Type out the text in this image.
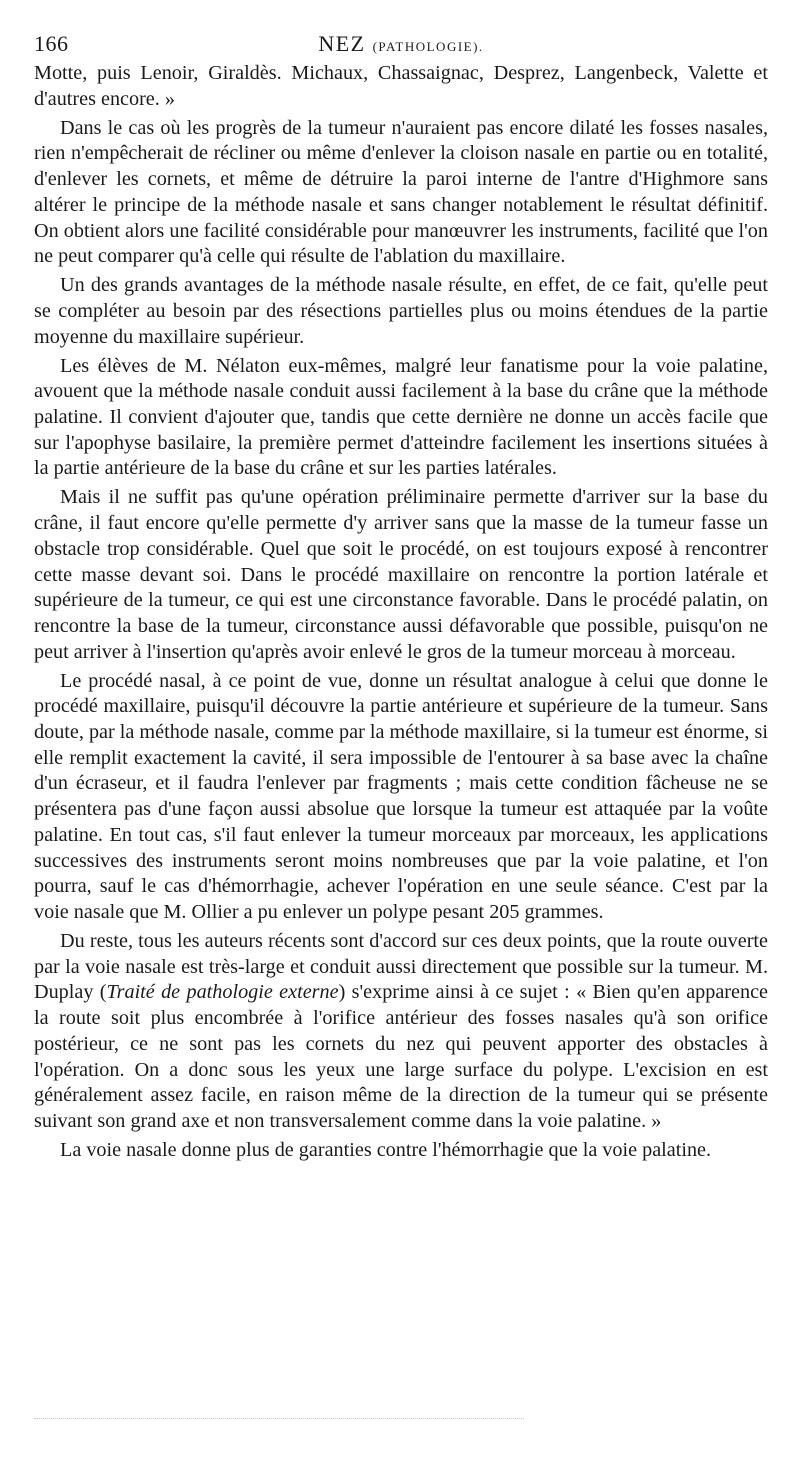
166	NEZ (PATHOLOGIE).

Motte, puis Lenoir, Giraldès. Michaux, Chassaignac, Desprez, Langenbeck, Valette et d'autres encore. »

Dans le cas où les progrès de la tumeur n'auraient pas encore dilaté les fosses nasales, rien n'empêcherait de récliner ou même d'enlever la cloison nasale en partie ou en totalité, d'enlever les cornets, et même de détruire la paroi interne de l'antre d'Highmore sans altérer le principe de la méthode nasale et sans changer notablement le résultat définitif. On obtient alors une facilité considérable pour manœuvrer les instruments, facilité que l'on ne peut comparer qu'à celle qui résulte de l'ablation du maxillaire.

Un des grands avantages de la méthode nasale résulte, en effet, de ce fait, qu'elle peut se compléter au besoin par des résections partielles plus ou moins étendues de la partie moyenne du maxillaire supérieur.

Les élèves de M. Nélaton eux-mêmes, malgré leur fanatisme pour la voie palatine, avouent que la méthode nasale conduit aussi facilement à la base du crâne que la méthode palatine. Il convient d'ajouter que, tandis que cette dernière ne donne un accès facile que sur l'apophyse basilaire, la première permet d'atteindre facilement les insertions situées à la partie antérieure de la base du crâne et sur les parties latérales.

Mais il ne suffit pas qu'une opération préliminaire permette d'arriver sur la base du crâne, il faut encore qu'elle permette d'y arriver sans que la masse de la tumeur fasse un obstacle trop considérable. Quel que soit le procédé, on est toujours exposé à rencontrer cette masse devant soi. Dans le procédé maxillaire on rencontre la portion latérale et supérieure de la tumeur, ce qui est une circonstance favorable. Dans le procédé palatin, on rencontre la base de la tumeur, circonstance aussi défavorable que possible, puisqu'on ne peut arriver à l'insertion qu'après avoir enlevé le gros de la tumeur morceau à morceau.

Le procédé nasal, à ce point de vue, donne un résultat analogue à celui que donne le procédé maxillaire, puisqu'il découvre la partie antérieure et supérieure de la tumeur. Sans doute, par la méthode nasale, comme par la méthode maxillaire, si la tumeur est énorme, si elle remplit exactement la cavité, il sera impossible de l'entourer à sa base avec la chaîne d'un écraseur, et il faudra l'enlever par fragments ; mais cette condition fâcheuse ne se présentera pas d'une façon aussi absolue que lorsque la tumeur est attaquée par la voûte palatine. En tout cas, s'il faut enlever la tumeur morceaux par morceaux, les applications successives des instruments seront moins nombreuses que par la voie palatine, et l'on pourra, sauf le cas d'hémorrhagie, achever l'opération en une seule séance. C'est par la voie nasale que M. Ollier a pu enlever un polype pesant 205 grammes.

Du reste, tous les auteurs récents sont d'accord sur ces deux points, que la route ouverte par la voie nasale est très-large et conduit aussi directement que possible sur la tumeur. M. Duplay (Traité de pathologie externe) s'exprime ainsi à ce sujet : « Bien qu'en apparence la route soit plus encombrée à l'orifice antérieur des fosses nasales qu'à son orifice postérieur, ce ne sont pas les cornets du nez qui peuvent apporter des obstacles à l'opération. On a donc sous les yeux une large surface du polype. L'excision en est généralement assez facile, en raison même de la direction de la tumeur qui se présente suivant son grand axe et non transversalement comme dans la voie palatine. »

La voie nasale donne plus de garanties contre l'hémorrhagie que la voie palatine.
